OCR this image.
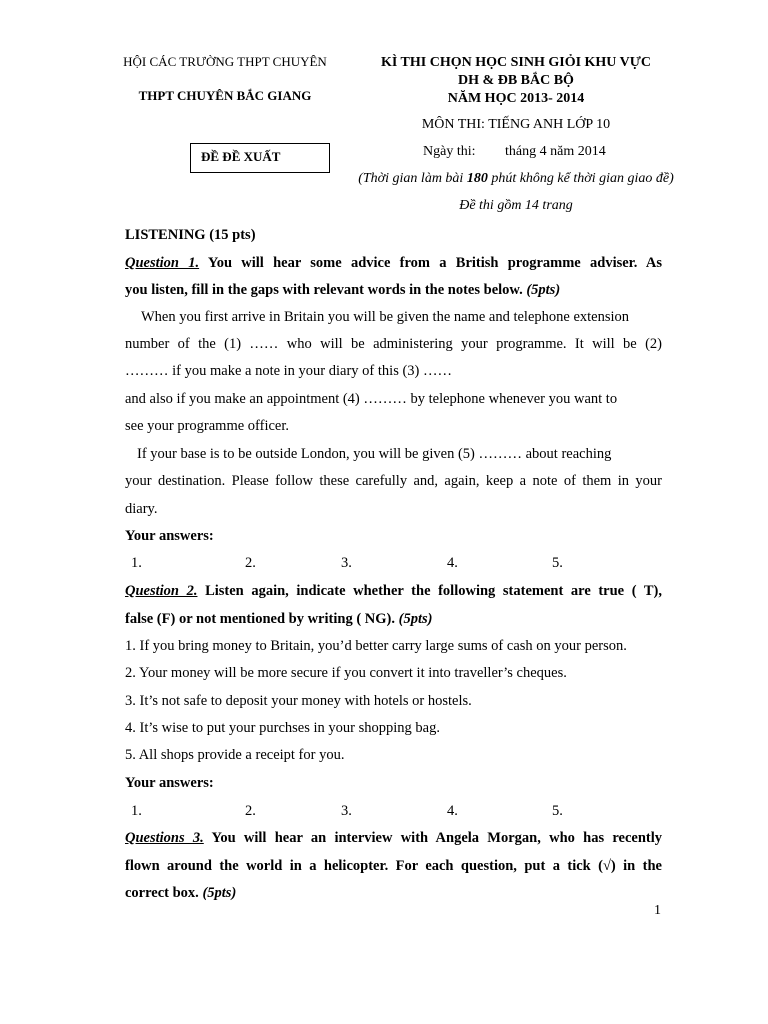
HỘI CÁC TRƯỜNG THPT CHUYÊN
THPT CHUYÊN BẮC GIANG
ĐỀ ĐỀ XUẤT
KÌ THI CHỌN HỌC SINH GIỎI KHU VỰC
DH & ĐB BẮC BỘ
NĂM HỌC 2013- 2014
MÔN THI: TIẾNG ANH LỚP 10
Ngày thi: tháng 4 năm 2014
(Thời gian làm bài 180 phút không kể thời gian giao đề)
Đề thi gồm 14 trang
LISTENING (15 pts)
Question 1. You will hear some advice from a British programme adviser. As
you listen, fill in the gaps with relevant words in the notes below. (5pts)
When you first arrive in Britain you will be given the name and telephone extension
number of the (1) …… who will be administering your programme. It will be (2)
……… if you make a note in your diary of this (3) ……
and also if you make an appointment (4) ……… by telephone whenever you want to
see your programme officer.
If your base is to be outside London, you will be given (5) ……… about reaching
your destination. Please follow these carefully and, again, keep a note of them in your
diary.
Your answers:
1.	2.	3.	4.	5.
Question 2. Listen again, indicate whether the following statement are true ( T),
false (F) or not mentioned by writing ( NG). (5pts)
1. If you bring money to Britain, you’d better carry large sums of cash on your person.
2. Your money will be more secure if you convert it into traveller’s cheques.
3. It’s not safe to deposit your money with hotels or hostels.
4. It’s wise to put your purchses in your shopping bag.
5. All shops provide a receipt for you.
Your answers:
1.	2.	3.	4.	5.
Questions 3. You will hear an interview with Angela Morgan, who has recently
flown around the world in a helicopter. For each question, put a tick (√) in the
correct box. (5pts)
1
